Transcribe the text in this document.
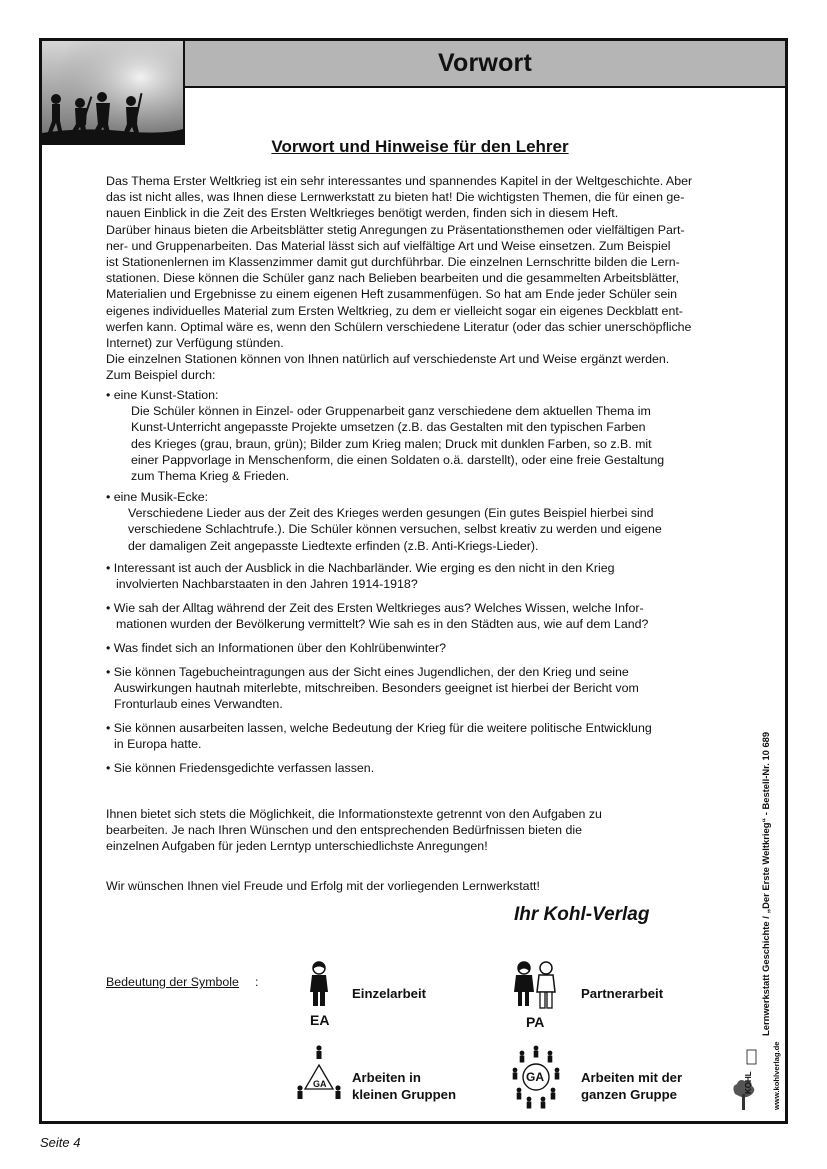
Vorwort
Vorwort und Hinweise für den Lehrer

Das Thema Erster Weltkrieg ist ein sehr interessantes und spannendes Kapitel in der Weltgeschichte. Aber

das ist nicht alles, was Ihnen diese Lernwerkstatt zu bieten hat! Die wichtigsten Themen, die für einen ge-

nauen Einblick in die Zeit des Ersten Weltkrieges benötigt werden, finden sich in diesem Heft.

Darüber hinaus bieten die Arbeitsblätter stetig Anregungen zu Präsentationsthemen oder vielfältigen Part-

ner- und Gruppenarbeiten. Das Material lässt sich auf vielfältige Art und Weise einsetzen. Zum Beispiel

ist Stationenlernen im Klassenzimmer damit gut durchführbar. Die einzelnen Lernschritte bilden die Lern-

stationen. Diese können die Schüler ganz nach Belieben bearbeiten und die gesammelten Arbeitsblätter,

Materialien und Ergebnisse zu einem eigenen Heft zusammenfügen. So hat am Ende jeder Schüler sein

eigenes individuelles Material zum Ersten Weltkrieg, zu dem er vielleicht sogar ein eigenes Deckblatt ent-

werfen kann. Optimal wäre es, wenn den Schülern verschiedene Literatur (oder das schier unerschöpfliche

Internet) zur Verfügung stünden.

Die einzelnen Stationen können von Ihnen natürlich auf verschiedenste Art und Weise ergänzt werden.

Zum Beispiel durch:

• eine Kunst-Station:

Die Schüler können in Einzel- oder Gruppenarbeit ganz verschiedene dem aktuellen Thema im

Kunst-Unterricht angepasste Projekte umsetzen (z.B. das Gestalten mit den typischen Farben

des Krieges (grau, braun, grün); Bilder zum Krieg malen; Druck mit dunklen Farben, so z.B. mit

einer Pappvorlage in Menschenform, die einen Soldaten o.ä. darstellt), oder eine freie Gestaltung

zum Thema Krieg & Frieden.

• eine Musik-Ecke:

Verschiedene Lieder aus der Zeit des Krieges werden gesungen (Ein gutes Beispiel hierbei sind

verschiedene Schlachtrufe.). Die Schüler können versuchen, selbst kreativ zu werden und eigene

der damaligen Zeit angepasste Liedtexte erfinden (z.B. Anti-Kriegs-Lieder).

• Interessant ist auch der Ausblick in die Nachbarländer. Wie erging es den nicht in den Krieg

involvierten Nachbarstaaten in den Jahren 1914-1918?

• Wie sah der Alltag während der Zeit des Ersten Weltkrieges aus? Welches Wissen, welche Infor-

mationen wurden der Bevölkerung vermittelt? Wie sah es in den Städten aus, wie auf dem Land?

• Was findet sich an Informationen über den Kohlrübenwinter?

• Sie können Tagebucheintragungen aus der Sicht eines Jugendlichen, der den Krieg und seine

Auswirkungen hautnah miterlebte, mitschreiben. Besonders geeignet ist hierbei der Bericht vom

Fronturlaub eines Verwandten.

• Sie können ausarbeiten lassen, welche Bedeutung der Krieg für die weitere politische Entwicklung

in Europa hatte.

• Sie können Friedensgedichte verfassen lassen.

Ihnen bietet sich stets die Möglichkeit, die Informationstexte getrennt von den Aufgaben zu

bearbeiten. Je nach Ihren Wünschen und den entsprechenden Bedürfnissen bieten die

einzelnen Aufgaben für jeden Lerntyp unterschiedlichste Anregungen!

Wir wünschen Ihnen viel Freude und Erfolg mit der vorliegenden Lernwerkstatt!
Ihr Kohl-Verlag
Bedeutung der Symbole :
EA
Einzelarbeit
PA
Partnerarbeit
GA Arbeiten in
kleinen Gruppen
GA	Arbeiten mit der
ganzen Gruppe
Lernwerkstatt Geschichte / „Der Erste Weltkrieg“ - Bestell-Nr. 10 689
www.kohlverlag.de
KOHL
Seite 4
